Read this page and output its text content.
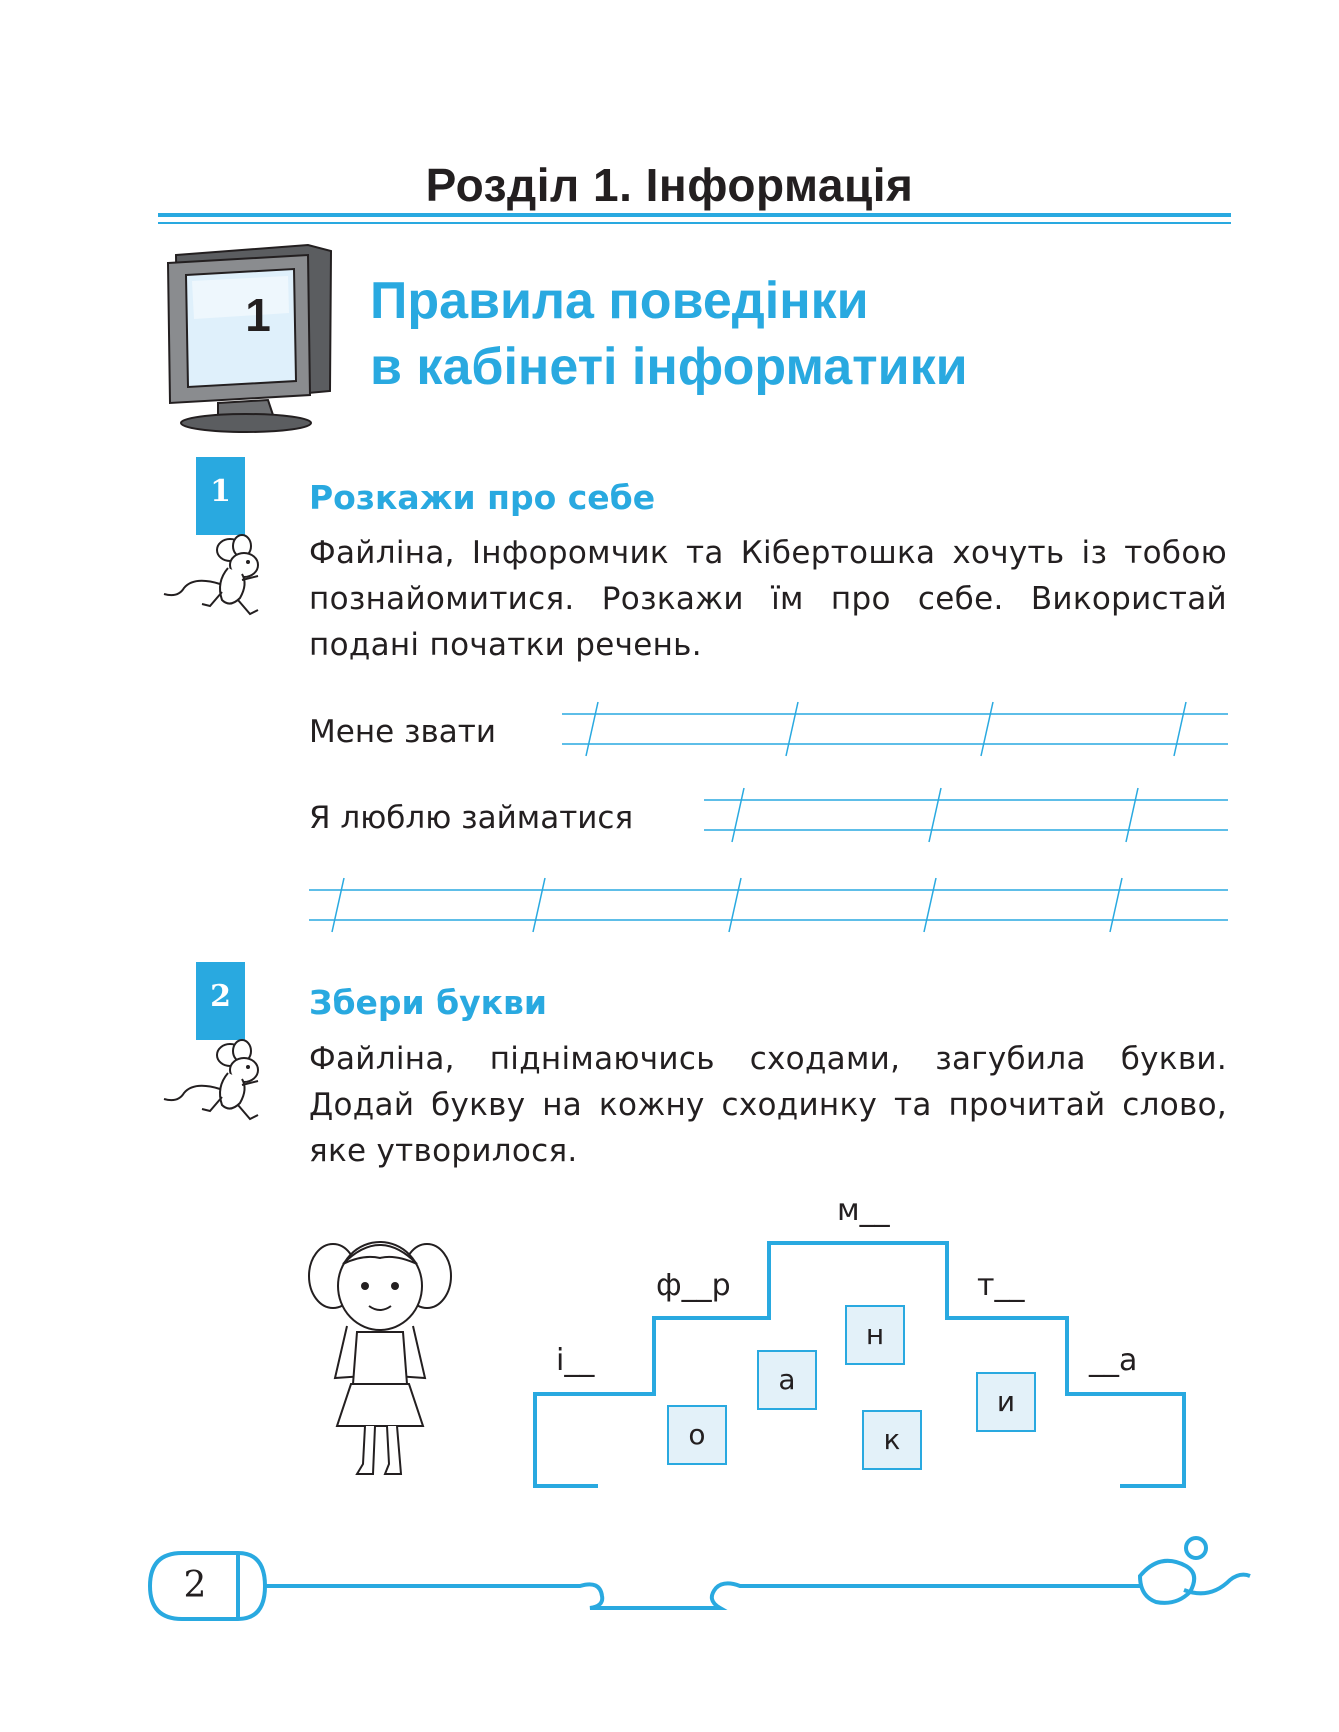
Розділ 1. Інформація
1 Правила поведінки
в кабінеті інформатики
1	Розкажи про себе
Файліна, Інфоромчик та Кібертошка хочуть із тобою познайомитися. Розкажи їм про себе. Використай подані початки речень.
Мене звати
Я люблю займатися
2	Збери букви
Файліна, піднімаючись сходами, загубила букви. Додай букву на кожну сходинку та прочитай слово, яке утворилося.
і__
ф__р
м__
т__
__а
о
а
н
к
и
2
